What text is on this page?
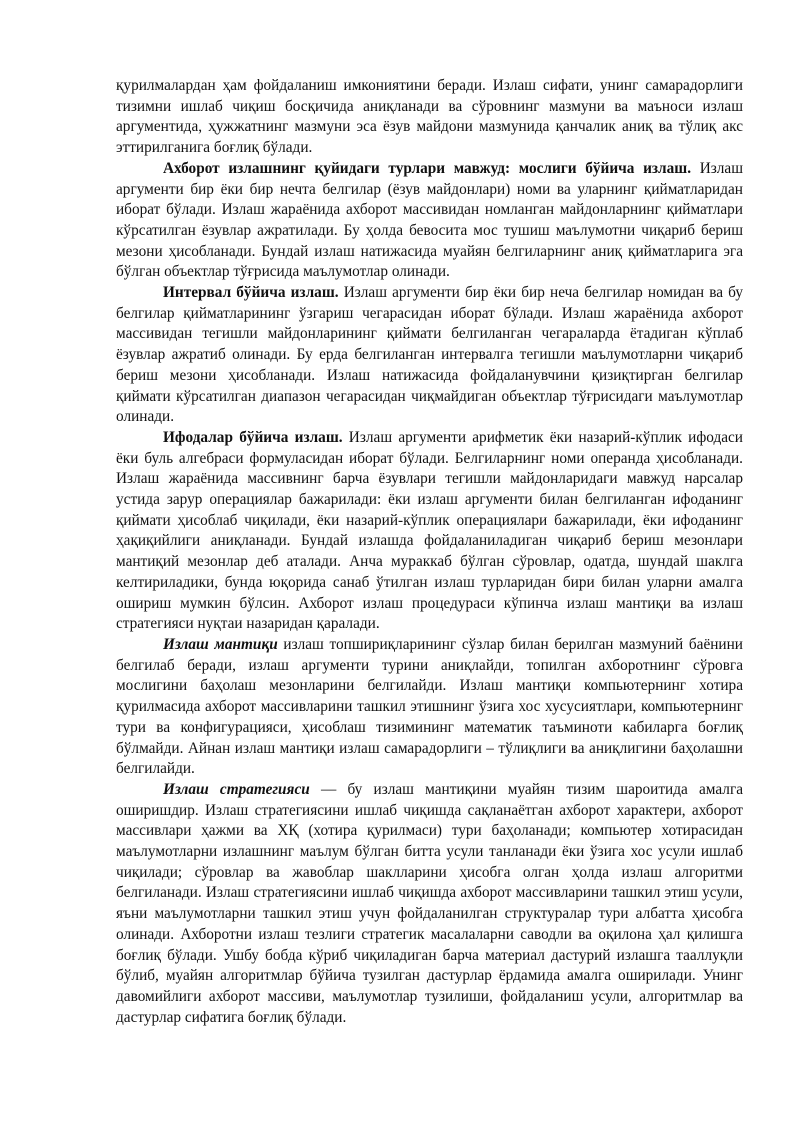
қурилмалардан ҳам фойдаланиш имкониятини беради. Излаш сифати, унинг самарадорлиги тизимни ишлаб чиқиш босқичида аниқланади ва сўровнинг мазмуни ва маъноси излаш аргументида, ҳужжатнинг мазмуни эса ёзув майдони мазмунида қанчалик аниқ ва тўлиқ акс эттирилганига боғлиқ бўлади.

Ахборот излашнинг қуйидаги турлари мавжуд: мослиги бўйича излаш. Излаш аргументи бир ёки бир нечта белгилар (ёзув майдонлари) номи ва уларнинг қийматларидан иборат бўлади. Излаш жараёнида ахборот массивидан номланган майдонларнинг қийматлари кўрсатилган ёзувлар ажратилади. Бу ҳолда бевосита мос тушиш маълумотни чиқариб бериш мезони ҳисобланади. Бундай излаш натижасида муайян белгиларнинг аниқ қийматларига эга бўлган объектлар тўғрисида маълумотлар олинади.

Интервал бўйича излаш. Излаш аргументи бир ёки бир неча белгилар номидан ва бу белгилар қийматларининг ўзгариш чегарасидан иборат бўлади. Излаш жараёнида ахборот массивидан тегишли майдонларининг қиймати белгиланган чегараларда ётадиган кўплаб ёзувлар ажратиб олинади. Бу ерда белгиланган интервалга тегишли маълумотларни чиқариб бериш мезони ҳисобланади. Излаш натижасида фойдаланувчини қизиқтирган белгилар қиймати кўрсатилган диапазон чегарасидан чиқмайдиган объектлар тўғрисидаги маълумотлар олинади.

Ифодалар бўйича излаш. Излаш аргументи арифметик ёки назарий-кўплик ифодаси ёки буль алгебраси формуласидан иборат бўлади. Белгиларнинг номи операнда ҳисобланади. Излаш жараёнида массивнинг барча ёзувлари тегишли майдонларидаги мавжуд нарсалар устида зарур операциялар бажарилади: ёки излаш аргументи билан белгиланган ифоданинг қиймати ҳисоблаб чиқилади, ёки назарий-кўплик операциялари бажарилади, ёки ифоданинг ҳақиқийлиги аниқланади. Бундай излашда фойдаланиладиган чиқариб бериш мезонлари мантиқий мезонлар деб аталади. Анча мураккаб бўлган сўровлар, одатда, шундай шаклга келтириладики, бунда юқорида санаб ўтилган излаш турларидан бири билан уларни амалга ошириш мумкин бўлсин. Ахборот излаш процедураси кўпинча излаш мантиқи ва излаш стратегияси нуқтаи назаридан қаралади.

Излаш мантиқи излаш топшириқларининг сўзлар билан берилган мазмуний баёнини белгилаб беради, излаш аргументи турини аниқлайди, топилган ахборотнинг сўровга мослигини баҳолаш мезонларини белгилайди. Излаш мантиқи компьютернинг хотира қурилмасида ахборот массивларини ташкил этишнинг ўзига хос хусусиятлари, компьютернинг тури ва конфигурацияси, ҳисоблаш тизимининг математик таъминоти кабиларга боғлиқ бўлмайди. Айнан излаш мантиқи излаш самарадорлиги – тўлиқлиги ва аниқлигини баҳолашни белгилайди.

Излаш стратегияси — бу излаш мантиқини муайян тизим шароитида амалга оширишдир. Излаш стратегиясини ишлаб чиқишда сақланаётган ахборот характери, ахборот массивлари ҳажми ва ХҚ (хотира қурилмаси) тури баҳоланади; компьютер хотирасидан маълумотларни излашнинг маълум бўлган битта усули танланади ёки ўзига хос усули ишлаб чиқилади; сўровлар ва жавоблар шаклларини ҳисобга олган ҳолда излаш алгоритми белгиланади. Излаш стратегиясини ишлаб чиқишда ахборот массивларини ташкил этиш усули, яъни маълумотларни ташкил этиш учун фойдаланилган структуралар тури албатта ҳисобга олинади. Ахборотни излаш тезлиги стратегик масалаларни саводли ва оқилона ҳал қилишга боғлиқ бўлади. Ушбу бобда кўриб чиқиладиган барча материал дастурий излашга тааллуқли бўлиб, муайян алгоритмлар бўйича тузилган дастурлар ёрдамида амалга оширилади. Унинг давомийлиги ахборот массиви, маълумотлар тузилиши, фойдаланиш усули, алгоритмлар ва дастурлар сифатига боғлиқ бўлади.
